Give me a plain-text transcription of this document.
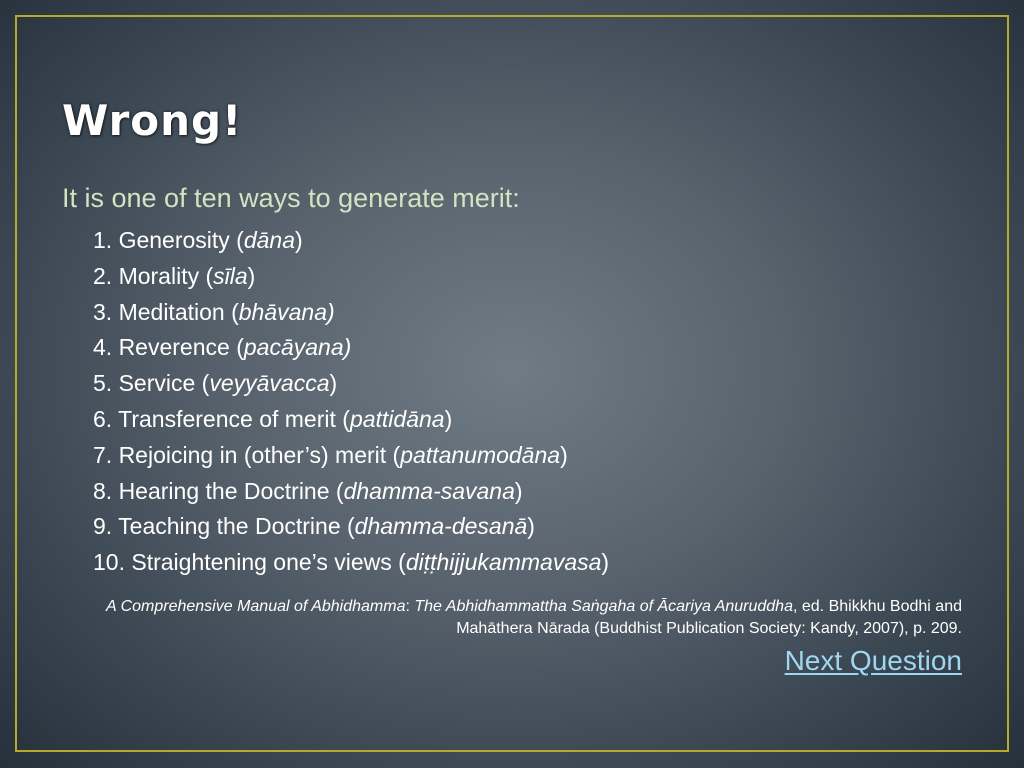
Wrong!

It is one of ten ways to generate merit:

1. Generosity (dāna)
2. Morality (sīla)
3. Meditation (bhāvana)
4. Reverence (pacāyana)
5. Service (veyyāvacca)
6. Transference of merit (pattidāna)
7. Rejoicing in (other’s) merit (pattanumodāna)
8. Hearing the Doctrine (dhamma-savana)
9. Teaching the Doctrine (dhamma-desanā)
10. Straightening one’s views (diṭṭhijjukammavasa)

A Comprehensive Manual of Abhidhamma: The Abhidhammattha Saṅgaha of Ācariya Anuruddha, ed. Bhikkhu Bodhi and Mahāthera Nārada (Buddhist Publication Society: Kandy, 2007), p. 209.

Next Question
